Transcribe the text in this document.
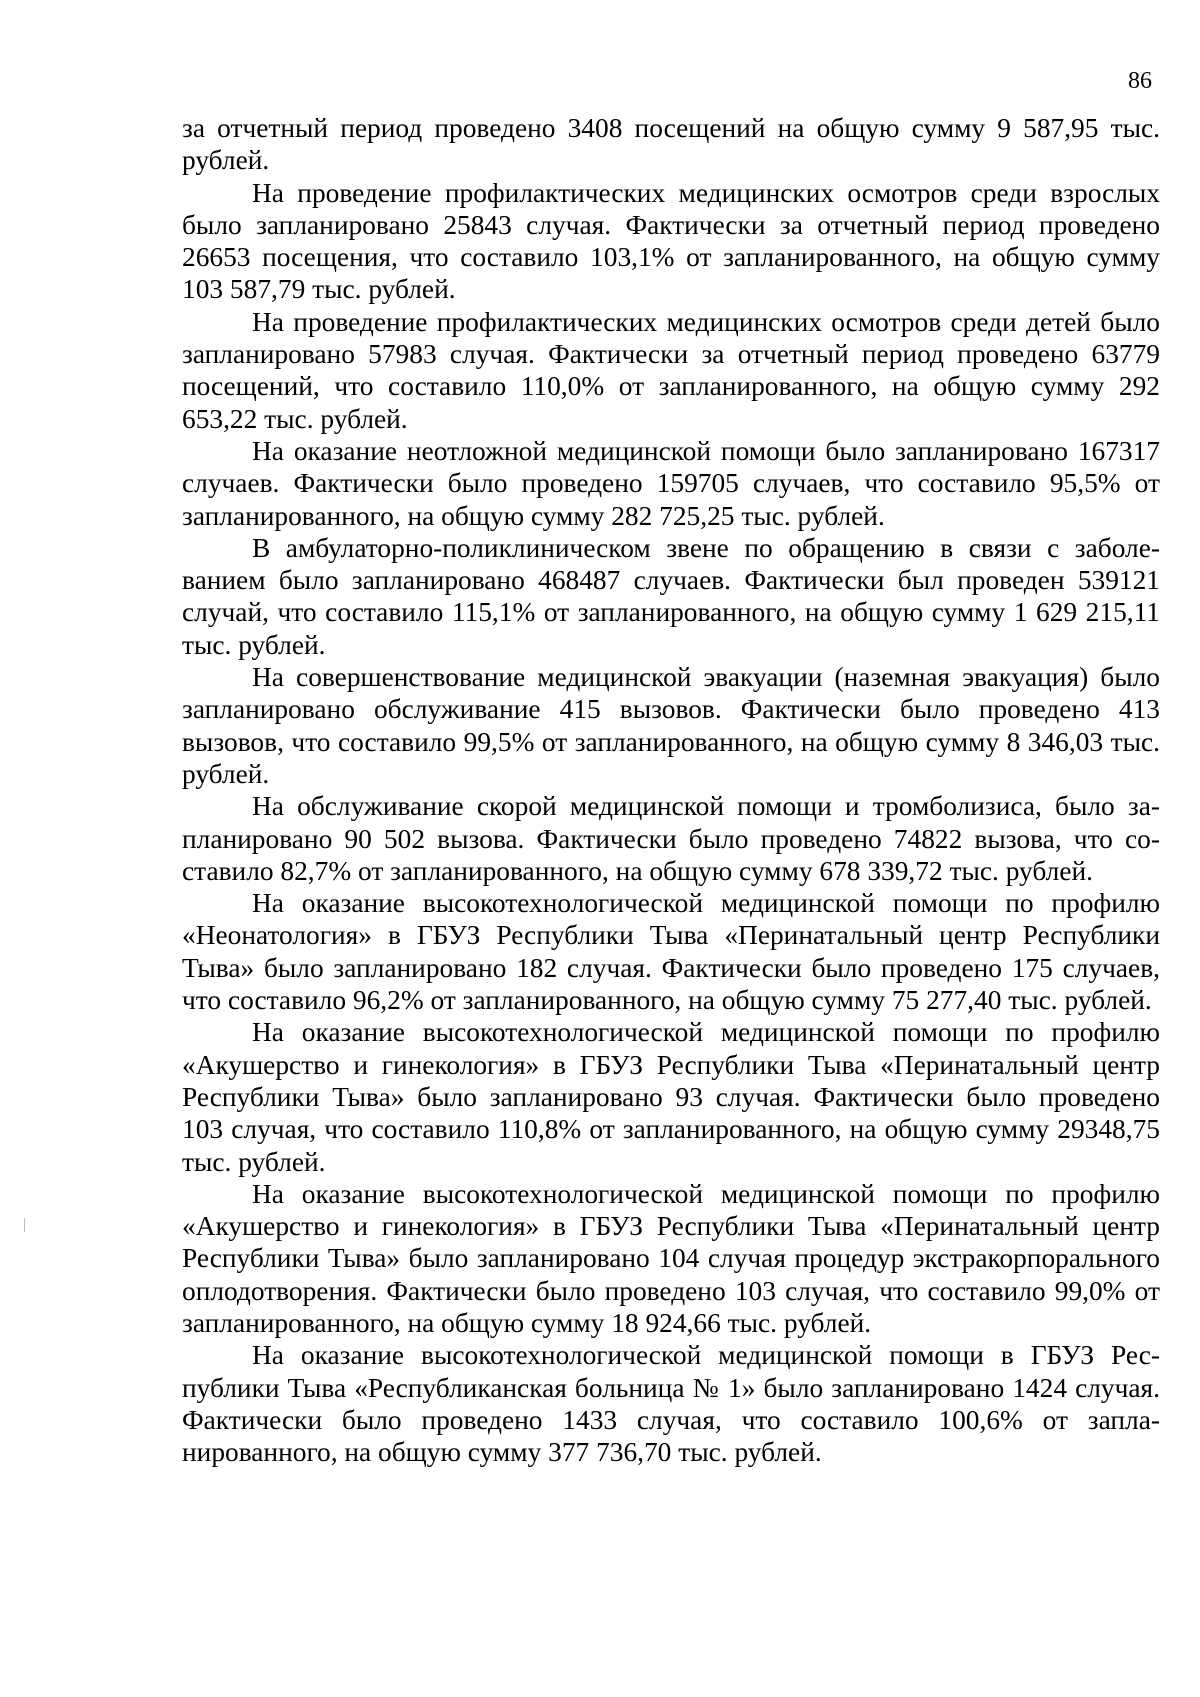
86

за отчетный период проведено 3408 посещений на общую сумму 9 587,95 тыс. рублей.

На проведение профилактических медицинских осмотров среди взрослых было запланировано 25843 случая. Фактически за отчетный период проведено 26653 посещения, что составило 103,1% от запланированного, на общую сумму 103 587,79 тыс. рублей.

На проведение профилактических медицинских осмотров среди детей было запланировано 57983 случая. Фактически за отчетный период проведено 63779 посещений, что составило 110,0% от запланированного, на общую сумму 292 653,22 тыс. рублей.

На оказание неотложной медицинской помощи было запланировано 167317 случаев. Фактически было проведено 159705 случаев, что составило 95,5% от запланированного, на общую сумму 282 725,25 тыс. рублей.

В амбулаторно-поликлиническом звене по обращению в связи с заболеванием было запланировано 468487 случаев. Фактически был проведен 539121 случай, что составило 115,1% от запланированного, на общую сумму 1 629 215,11 тыс. рублей.

На совершенствование медицинской эвакуации (наземная эвакуация) было запланировано обслуживание 415 вызовов. Фактически было проведено 413 вызовов, что составило 99,5% от запланированного, на общую сумму 8 346,03 тыс. рублей.

На обслуживание скорой медицинской помощи и тромболизиса, было запланировано 90 502 вызова. Фактически было проведено 74822 вызова, что составило 82,7% от запланированного, на общую сумму 678 339,72 тыс. рублей.

На оказание высокотехнологической медицинской помощи по профилю «Неонатология» в ГБУЗ Республики Тыва «Перинатальный центр Республики Тыва» было запланировано 182 случая. Фактически было проведено 175 случаев, что составило 96,2% от запланированного, на общую сумму 75 277,40 тыс. рублей.

На оказание высокотехнологической медицинской помощи по профилю «Акушерство и гинекология» в ГБУЗ Республики Тыва «Перинатальный центр Республики Тыва» было запланировано 93 случая. Фактически было проведено 103 случая, что составило 110,8% от запланированного, на общую сумму 29348,75 тыс. рублей.

На оказание высокотехнологической медицинской помощи по профилю «Акушерство и гинекология» в ГБУЗ Республики Тыва «Перинатальный центр Республики Тыва» было запланировано 104 случая процедур экстракорпорального оплодотворения. Фактически было проведено 103 случая, что составило 99,0% от запланированного, на общую сумму 18 924,66 тыс. рублей.

На оказание высокотехнологической медицинской помощи в ГБУЗ Республики Тыва «Республиканская больница № 1» было запланировано 1424 случая. Фактически было проведено 1433 случая, что составило 100,6% от запланированного, на общую сумму 377 736,70 тыс. рублей.
